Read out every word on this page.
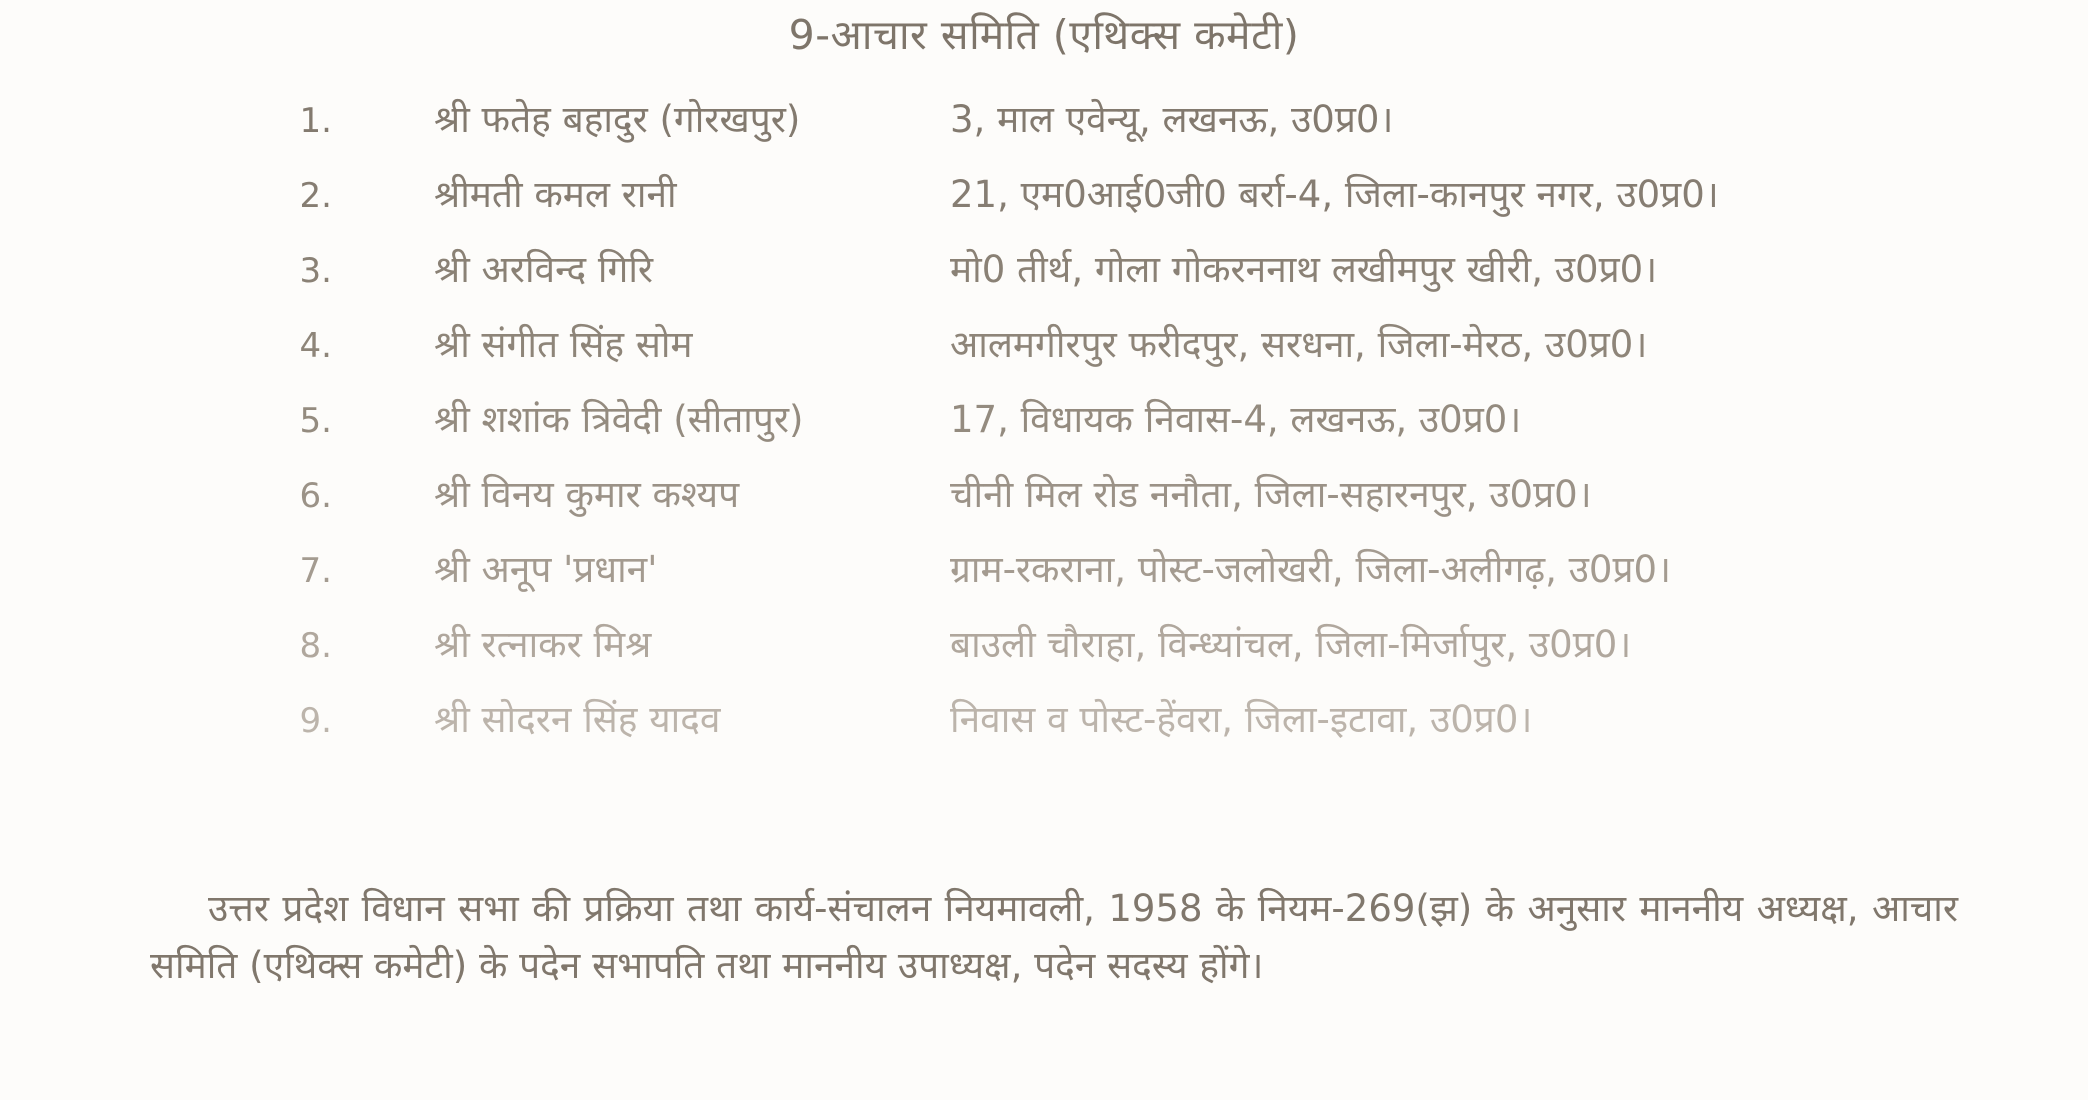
9-आचार समिति (एथिक्स कमेटी)
1.	श्री फतेह बहादुर (गोरखपुर)	3, माल एवेन्यू, लखनऊ, उ0प्र0।
2.	श्रीमती कमल रानी	21, एम0आई0जी0 बर्रा-4, जिला-कानपुर नगर, उ0प्र0।
3.	श्री अरविन्द गिरि	मो0 तीर्थ, गोला गोकरननाथ लखीमपुर खीरी, उ0प्र0।
4.	श्री संगीत सिंह सोम	आलमगीरपुर फरीदपुर, सरधना, जिला-मेरठ, उ0प्र0।
5.	श्री शशांक त्रिवेदी (सीतापुर)	17, विधायक निवास-4, लखनऊ, उ0प्र0।
6.	श्री विनय कुमार कश्यप	चीनी मिल रोड ननौता, जिला-सहारनपुर, उ0प्र0।
7.	श्री अनूप 'प्रधान'	ग्राम-रकराना, पोस्ट-जलोखरी, जिला-अलीगढ़, उ0प्र0।
8.	श्री रत्नाकर मिश्र	बाउली चौराहा, विन्ध्यांचल, जिला-मिर्जापुर, उ0प्र0।
9.	श्री सोदरन सिंह यादव	निवास व पोस्ट-हेंवरा, जिला-इटावा, उ0प्र0।

उत्तर प्रदेश विधान सभा की प्रक्रिया तथा कार्य-संचालन नियमावली, 1958 के नियम-269(झ) के अनुसार माननीय अध्यक्ष, आचार समिति (एथिक्स कमेटी) के पदेन सभापति तथा माननीय उपाध्यक्ष, पदेन सदस्य होंगे।
